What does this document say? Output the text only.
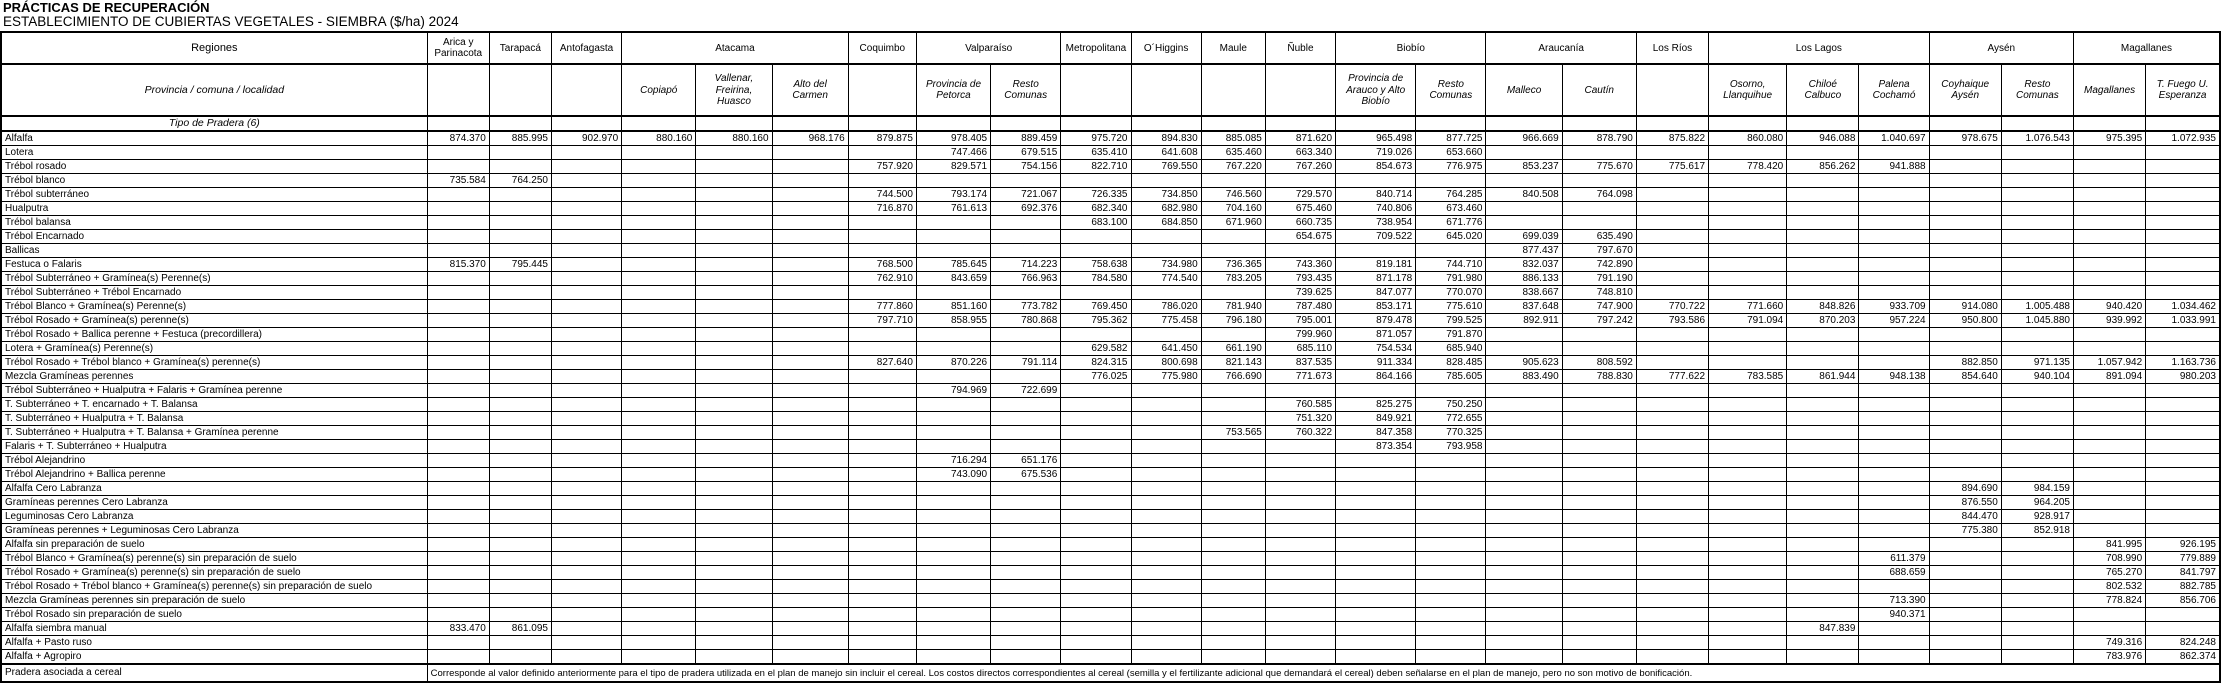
PRÁCTICAS DE RECUPERACIÓN
ESTABLECIMIENTO DE CUBIERTAS VEGETALES - SIEMBRA ($/ha) 2024
Regiones	Arica y Parinacota	Tarapacá	Antofagasta	Atacama			Coquimbo	Valparaíso		Metropolitana	O´Higgins	Maule	Ñuble	Biobío		Araucanía		Los Ríos	Los Lagos			Aysén		Magallanes	
Provincia / comuna / localidad				Copiapó	Vallenar, Freirina, Huasco	Alto del Carmen		Provincia de Petorca	Resto Comunas					Provincia de Arauco y Alto Biobío	Resto Comunas	Malleco	Cautín		Osorno, Llanquihue	Chiloé Calbuco	Palena Cochamó	Coyhaique Aysén	Resto Comunas	Magallanes	T. Fuego U. Esperanza
Tipo de Pradera (6)																									
Alfalfa	874.370	885.995	902.970	880.160	880.160	968.176	879.875	978.405	889.459	975.720	894.830	885.085	871.620	965.498	877.725	966.669	878.790	875.822	860.080	946.088	1.040.697	978.675	1.076.543	975.395	1.072.935
Lotera								747.466	679.515	635.410	641.608	635.460	663.340	719.026	653.660										
Trébol rosado							757.920	829.571	754.156	822.710	769.550	767.220	767.260	854.673	776.975	853.237	775.670	775.617	778.420	856.262	941.888				
Trébol blanco	735.584	764.250																							
Trébol subterráneo							744.500	793.174	721.067	726.335	734.850	746.560	729.570	840.714	764.285	840.508	764.098								
Hualputra							716.870	761.613	692.376	682.340	682.980	704.160	675.460	740.806	673.460										
Trébol balansa										683.100	684.850	671.960	660.735	738.954	671.776										
Trébol Encarnado													654.675	709.522	645.020	699.039	635.490								
Ballicas																877.437	797.670								
Festuca o Falaris	815.370	795.445					768.500	785.645	714.223	758.638	734.980	736.365	743.360	819.181	744.710	832.037	742.890								
Trébol Subterráneo + Gramínea(s) Perenne(s)							762.910	843.659	766.963	784.580	774.540	783.205	793.435	871.178	791.980	886.133	791.190								
Trébol Subterráneo + Trébol Encarnado													739.625	847.077	770.070	838.667	748.810								
Trébol Blanco + Gramínea(s) Perenne(s)							777.860	851.160	773.782	769.450	786.020	781.940	787.480	853.171	775.610	837.648	747.900	770.722	771.660	848.826	933.709	914.080	1.005.488	940.420	1.034.462
Trébol Rosado + Gramínea(s) perenne(s)							797.710	858.955	780.868	795.362	775.458	796.180	795.001	879.478	799.525	892.911	797.242	793.586	791.094	870.203	957.224	950.800	1.045.880	939.992	1.033.991
Trébol Rosado + Ballica perenne + Festuca (precordillera)													799.960	871.057	791.870										
Lotera + Gramínea(s) Perenne(s)										629.582	641.450	661.190	685.110	754.534	685.940										
Trébol Rosado + Trébol blanco + Gramínea(s) perenne(s)							827.640	870.226	791.114	824.315	800.698	821.143	837.535	911.334	828.485	905.623	808.592					882.850	971.135	1.057.942	1.163.736
Mezcla Gramíneas perennes										776.025	775.980	766.690	771.673	864.166	785.605	883.490	788.830	777.622	783.585	861.944	948.138	854.640	940.104	891.094	980.203
Trébol Subterráneo + Hualputra + Falaris + Gramínea perenne								794.969	722.699																
T. Subterráneo + T. encarnado + T. Balansa													760.585	825.275	750.250										
T. Subterráneo + Hualputra + T. Balansa													751.320	849.921	772.655										
T. Subterráneo + Hualputra + T. Balansa + Gramínea perenne												753.565	760.322	847.358	770.325										
Falaris + T. Subterráneo + Hualputra														873.354	793.958										
Trébol Alejandrino								716.294	651.176																
Trébol Alejandrino + Ballica perenne								743.090	675.536																
Alfalfa Cero Labranza																						894.690	984.159		
Gramíneas perennes Cero Labranza																						876.550	964.205		
Leguminosas Cero Labranza																						844.470	928.917		
Gramíneas perennes + Leguminosas Cero Labranza																						775.380	852.918		
Alfalfa sin preparación de suelo																								841.995	926.195
Trébol Blanco + Gramínea(s) perenne(s) sin preparación de suelo																					611.379			708.990	779.889
Trébol Rosado + Gramínea(s) perenne(s) sin preparación de suelo																					688.659			765.270	841.797
Trébol Rosado + Trébol blanco + Gramínea(s) perenne(s) sin preparación de suelo																								802.532	882.785
Mezcla Gramíneas perennes sin preparación de suelo																					713.390			778.824	856.706
Trébol Rosado sin preparación de suelo																					940.371				
Alfalfa siembra manual	833.470	861.095																		847.839					
Alfalfa + Pasto ruso																								749.316	824.248
Alfalfa + Agropiro																								783.976	862.374
Pradera asociada a cereal	Corresponde al valor definido anteriormente para el tipo de pradera utilizada en el plan de manejo sin incluir el cereal. Los costos directos correspondientes al cereal (semilla y el fertilizante adicional que demandará el cereal) deben señalarse en el plan de manejo, pero no son motivo de bonificación.																								
